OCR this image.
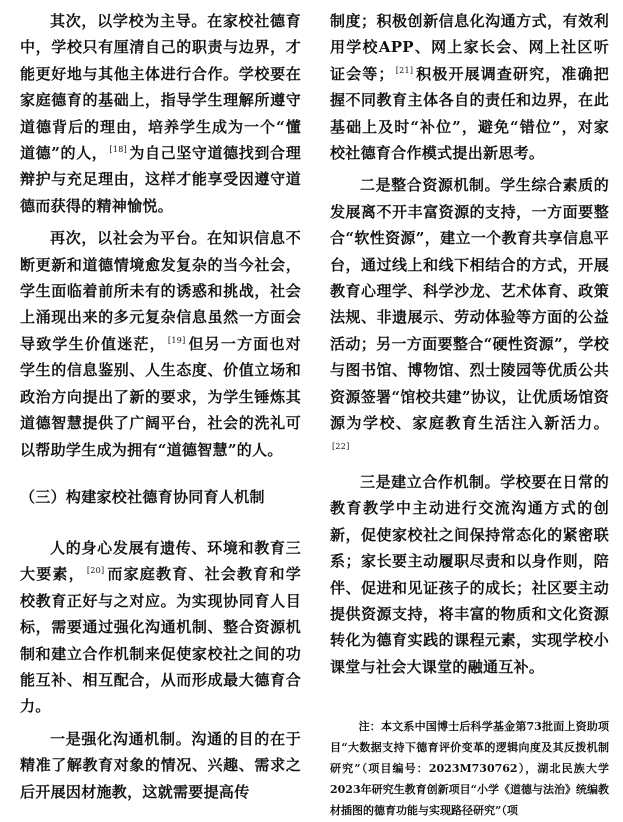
其次，以学校为主导。在家校社德育中，学校只有厘清自己的职责与边界，才能更好地与其他主体进行合作。学校要在家庭德育的基础上，指导学生理解所遵守道德背后的理由，培养学生成为一个“懂道德”的人， [18] 为自己坚守道德找到合理辩护与充足理由，这样才能享受因遵守道德而获得的精神愉悦。

再次，以社会为平台。在知识信息不断更新和道德情境愈发复杂的当今社会，学生面临着前所未有的诱惑和挑战，社会上涌现出来的多元复杂信息虽然一方面会导致学生价值迷茫， [19] 但另一方面也对学生的信息鉴别、人生态度、价值立场和政治方向提出了新的要求，为学生锤炼其道德智慧提供了广阔平台，社会的洗礼可以帮助学生成为拥有“道德智慧”的人。

（三）构建家校社德育协同育人机制

人的身心发展有遗传、环境和教育三大要素， [20] 而家庭教育、社会教育和学校教育正好与之对应。为实现协同育人目标，需要通过强化沟通机制、整合资源机制和建立合作机制来促使家校社之间的功能互补、相互配合，从而形成最大德育合力。

一是强化沟通机制。沟通的目的在于精准了解教育对象的情况、兴趣、需求之后开展因材施教，这就需要提高传

制度；积极创新信息化沟通方式，有效利用学校APP、网上家长会、网上社区听证会等； [21] 积极开展调查研究，准确把握不同教育主体各自的责任和边界，在此基础上及时“补位”，避免“错位”，对家校社德育合作模式提出新思考。

二是整合资源机制。学生综合素质的发展离不开丰富资源的支持，一方面要整合“软性资源”，建立一个教育共享信息平台，通过线上和线下相结合的方式，开展教育心理学、科学沙龙、艺术体育、政策法规、非遗展示、劳动体验等方面的公益活动；另一方面要整合“硬性资源”，学校与图书馆、博物馆、烈士陵园等优质公共资源签署“馆校共建”协议，让优质场馆资源为学校、家庭教育生活注入新活力。[22]

三是建立合作机制。学校要在日常的教育教学中主动进行交流沟通方式的创新，促使家校社之间保持常态化的紧密联系；家长要主动履职尽责和以身作则，陪伴、促进和见证孩子的成长；社区要主动提供资源支持，将丰富的物质和文化资源转化为德育实践的课程元素，实现学校小课堂与社会大课堂的融通互补。

注：本文系中国博士后科学基金第73批面上资助项目“大数据支持下德育评价变革的逻辑向度及其反拨机制研究”（项目编号：2023M730762），湖北民族大学2023年研究生教育创新项目“小学《道德与法治》统编教材插图的德育功能与实现路径研究”（项
